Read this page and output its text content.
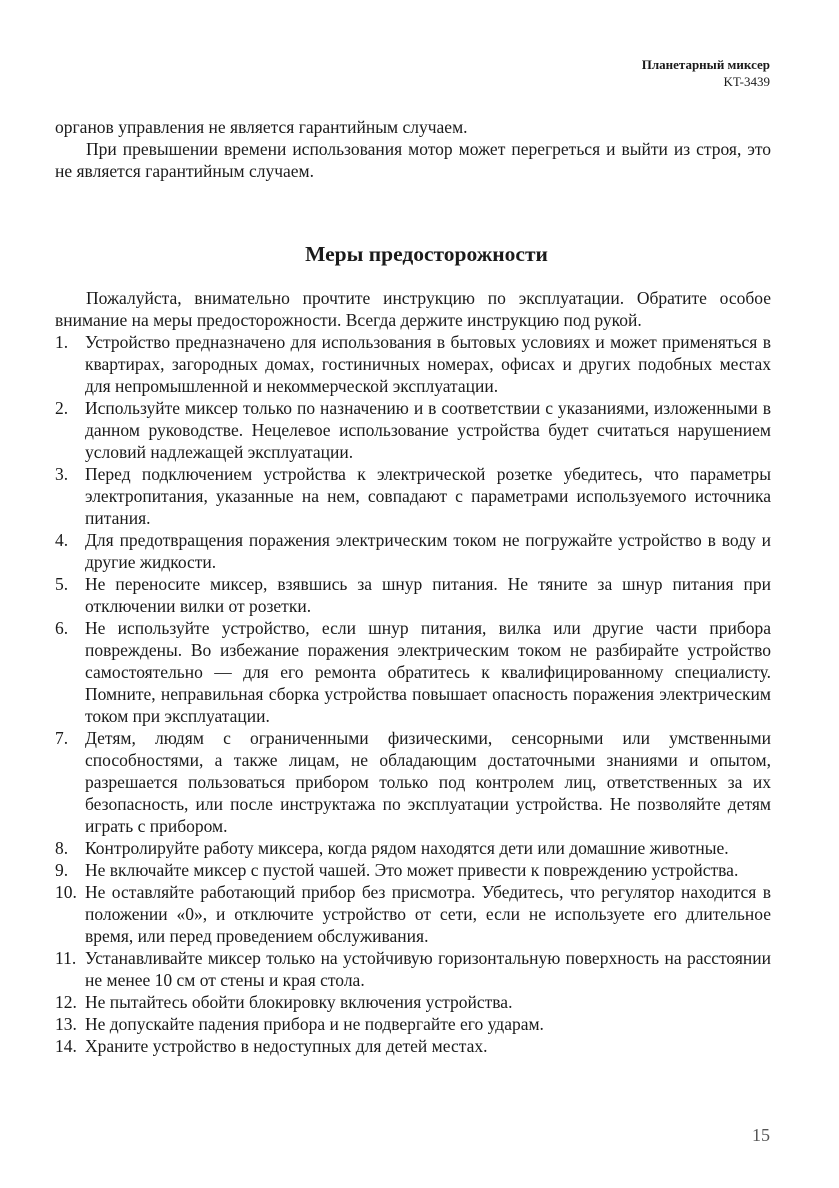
Планетарный миксер
KT-3439

органов управления не является гарантийным случаем.

При превышении времени использования мотор может перегреться и выйти из строя, это не является гарантийным случаем.

Меры предосторожности

Пожалуйста, внимательно прочтите инструкцию по эксплуатации. Обратите особое внимание на меры предосторожности. Всегда держите инструкцию под рукой.

1. Устройство предназначено для использования в бытовых условиях и может применяться в квартирах, загородных домах, гостиничных номерах, офисах и других подобных местах для непромышленной и некоммерческой эксплуатации.
2. Используйте миксер только по назначению и в соответствии с указаниями, изложенными в данном руководстве. Нецелевое использование устройства будет считаться нарушением условий надлежащей эксплуатации.
3. Перед подключением устройства к электрической розетке убедитесь, что параметры электропитания, указанные на нем, совпадают с параметрами используемого источника питания.
4. Для предотвращения поражения электрическим током не погружайте устройство в воду и другие жидкости.
5. Не переносите миксер, взявшись за шнур питания. Не тяните за шнур питания при отключении вилки от розетки.
6. Не используйте устройство, если шнур питания, вилка или другие части прибора повреждены. Во избежание поражения электрическим током не разбирайте устройство самостоятельно — для его ремонта обратитесь к квалифицированному специалисту. Помните, неправильная сборка устройства повышает опасность поражения электрическим током при эксплуатации.
7. Детям, людям с ограниченными физическими, сенсорными или умственными способностями, а также лицам, не обладающим достаточными знаниями и опытом, разрешается пользоваться прибором только под контролем лиц, ответственных за их безопасность, или после инструктажа по эксплуатации устройства. Не позволяйте детям играть с прибором.
8. Контролируйте работу миксера, когда рядом находятся дети или домашние животные.
9. Не включайте миксер с пустой чашей. Это может привести к повреждению устройства.
10. Не оставляйте работающий прибор без присмотра. Убедитесь, что регулятор находится в положении «0», и отключите устройство от сети, если не используете его длительное время, или перед проведением обслуживания.
11. Устанавливайте миксер только на устойчивую горизонтальную поверхность на расстоянии не менее 10 см от стены и края стола.
12. Не пытайтесь обойти блокировку включения устройства.
13. Не допускайте падения прибора и не подвергайте его ударам.
14. Храните устройство в недоступных для детей местах.
15
